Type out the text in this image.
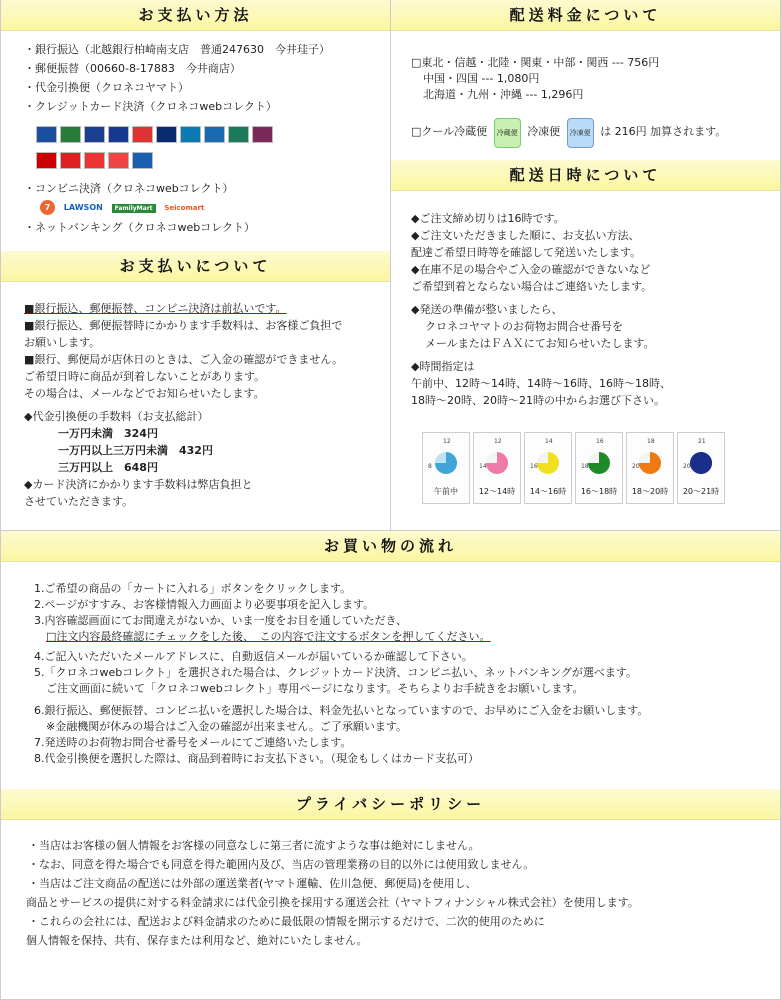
お支払い方法
・銀行振込（北越銀行柏崎南支店　普通247630　今井珪子）
・郵便振替（00660-8-17883　今井商店）
・代金引換便（クロネコヤマト）
・クレジットカード決済（クロネコwebコレクト）
・コンビニ決済（クロネコwebコレクト）
7 LAWSON FamilyMart Seicomart
・ネットバンキング（クロネコwebコレクト）
配送料金について
□東北・信越・北陸・関東・中部・関西 --- 756円
中国・四国 --- 1,080円
北海道・九州・沖縄 --- 1,296円
□クール冷蔵便 冷蔵便 冷凍便 冷凍便 は 216円 加算されます。
配送日時について
◆ご注文締め切りは16時です。
◆ご注文いただきました順に、お支払い方法、
配達ご希望日時等を確認して発送いたします。
◆在庫不足の場合やご入金の確認ができないなど
ご希望到着とならない場合はご連絡いたします。
◆発送の準備が整いましたら、
クロネコヤマトのお荷物お問合せ番号を
メールまたはＦＡＸにてお知らせいたします。
◆時間指定は
午前中、12時～14時、14時～16時、16時～18時、
18時～20時、20時～21時の中からお選び下さい。
12
8
午前中
12
14
12～14時
14
16
14～16時
16
18
16～18時
18
20
18～20時
21
20
20～21時
お支払いについて
■銀行振込、郵便振替、コンビニ決済は前払いです。
■銀行振込、郵便振替時にかかります手数料は、お客様ご負担で
お願いします。
■銀行、郵便局が店休日のときは、ご入金の確認ができません。
ご希望日時に商品が到着しないことがあります。
その場合は、メールなどでお知らせいたします。
◆代金引換便の手数料（お支払総計）
一万円未満　324円
一万円以上三万円未満　432円
三万円以上　648円
◆カード決済にかかります手数料は弊店負担と
させていただきます。
お買い物の流れ
1.ご希望の商品の「カートに入れる」ボタンをクリックします。
2.ページがすすみ、お客様情報入力画面より必要事項を記入します。
3.内容確認画面にてお間違えがないか、いま一度をお目を通していただき、
□注文内容最終確認にチェックをした後、　この内容で注文するボタンを押してください。
4.ご記入いただいたメールアドレスに、自動返信メールが届いているか確認して下さい。
5.「クロネコwebコレクト」を選択された場合は、クレジットカード決済、コンビニ払い、ネットバンキングが選べます。
ご注文画面に続いて「クロネコwebコレクト」専用ページになります。そちらよりお手続きをお願いします。
6.銀行振込、郵便振替、コンビニ払いを選択した場合は、料金先払いとなっていますので、お早めにご入金をお願いします。
※金融機関が休みの場合はご入金の確認が出来ません。ご了承願います。
7.発送時のお荷物お問合せ番号をメールにてご連絡いたします。
8.代金引換便を選択した際は、商品到着時にお支払下さい。（現金もしくはカード支払可）
プライバシーポリシー
・当店はお客様の個人情報をお客様の同意なしに第三者に流すような事は絶対にしません。
・なお、同意を得た場合でも同意を得た範囲内及び、当店の管理業務の目的以外には使用致しません。
・当店はご注文商品の配送には外部の運送業者(ヤマト運輸、佐川急便、郵便局)を使用し、
商品とサービスの提供に対する料金請求には代金引換を採用する運送会社（ヤマトフィナンシャル株式会社）を使用します。
・これらの会社には、配送および料金請求のために最低限の情報を開示するだけで、二次的使用のために
個人情報を保持、共有、保存または利用など、絶対にいたしません。
